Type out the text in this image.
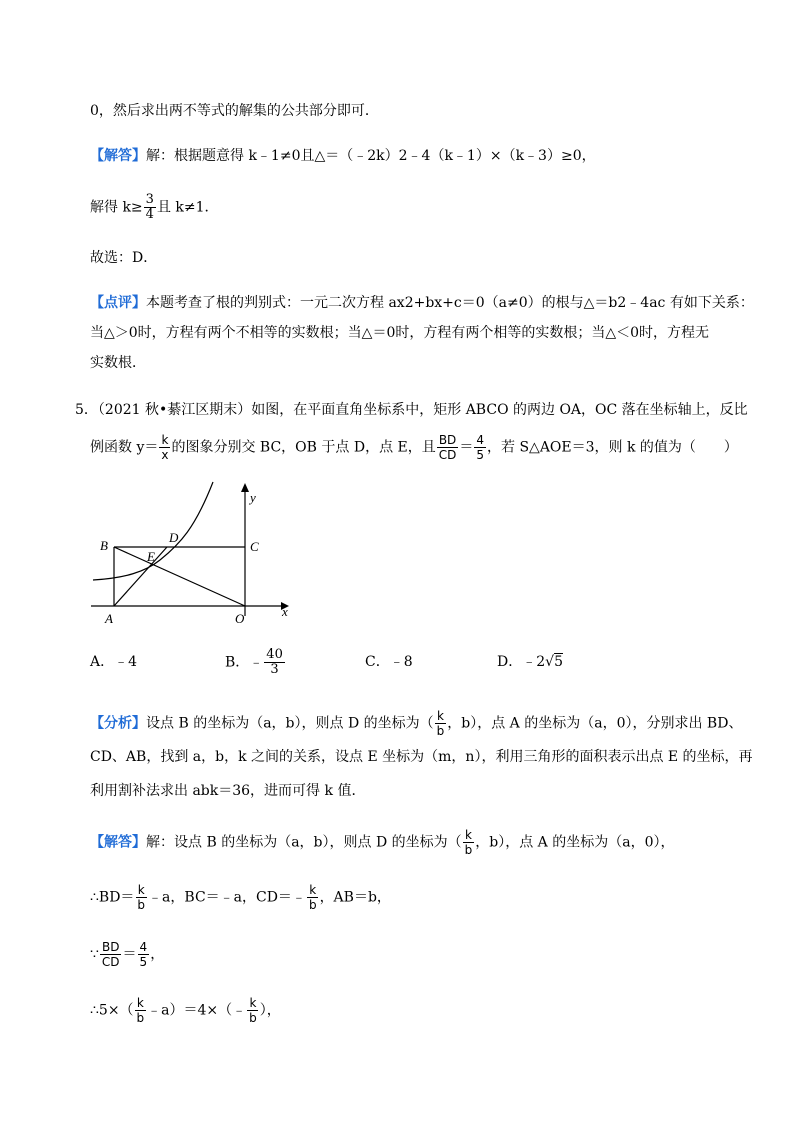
0，然后求出两不等式的解集的公共部分即可．
【解答】解：根据题意得 k﹣1≠0且△＝（﹣2k）2﹣4（k﹣1）×（k﹣3）≥0，
解得 $k\ge \frac{3}{4}$ 且 k≠1．
故选：D．
【点评】本题考查了根的判别式：一元二次方程 ax2+bx+c＝0（a≠0）的根与△＝b2﹣4ac 有如下关系：
当△＞0时，方程有两个不相等的实数根；当△＝0时，方程有两个相等的实数根；当△＜0时，方程无
实数根．
5．（2021 秋•綦江区期末）如图，在平面直角坐标系中，矩形 ABCO 的两边 OA，OC 落在坐标轴上，反比
例函数 $y= \frac{k}{x}$ 的图象分别交 BC，OB 于点 D，点 E，且 $\frac{BD}{CD} = \frac{4}{5}$ ，若 S△AOE＝3，则 k 的值为（　　）
B
D
C
E
A	O	x
y
A．﹣4	B．﹣ $\frac{40}{3}$	C．﹣8	D．﹣2√5
【分析】设点 B 的坐标为（a，b），则点 D 的坐标为（ $\frac{k}{b}$ ，b），点 A 的坐标为（a，0），分别求出 BD、
CD、AB，找到 a，b，k 之间的关系，设点 E 坐标为（m，n），利用三角形的面积表示出点 E 的坐标，再
利用割补法求出 abk＝36，进而可得 k 值．
【解答】解：设点 B 的坐标为（a，b），则点 D 的坐标为（ $\frac{k}{b}$ ，b），点 A 的坐标为（a，0），
∴BD＝ $\frac{k}{b}$ ﹣a，BC＝﹣a，CD＝﹣ $\frac{k}{b}$ ，AB＝b，
∵ $\frac{BD}{CD} = \frac{4}{5}$ ，
∴5×（ $\frac{k}{b}$ ﹣a）＝4×（﹣ $\frac{k}{b}$ ），
